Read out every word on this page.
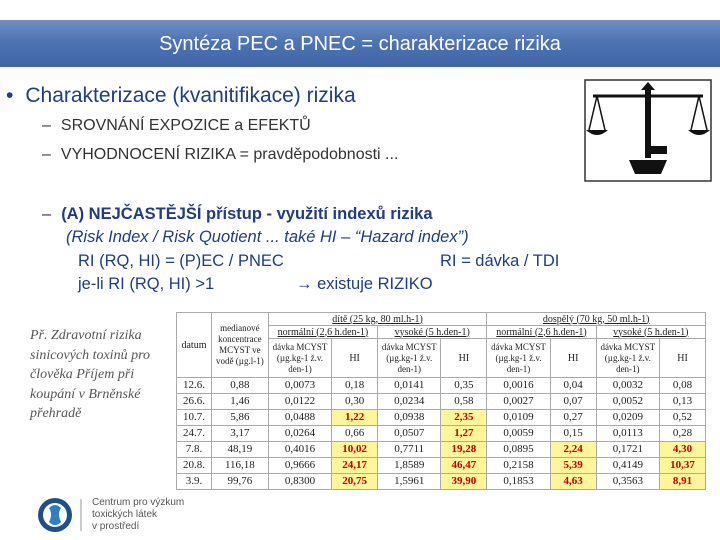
Syntéza PEC a PNEC = charakterizace rizika
• Charakterizace (kvanitifikace) rizika
– SROVNÁNÍ EXPOZICE a EFEKTŮ
– VYHODNOCENÍ RIZIKA = pravděpodobnosti ...
– (A) NEJČASTĚJŠÍ přístup - využití indexů rizika
(Risk Index / Risk Quotient ... také HI – “Hazard index”)
RI (RQ, HI) = (P)EC / PNEC	RI = dávka / TDI
je-li RI (RQ, HI) >1	→ existuje RIZIKO
Př. Zdravotní rizika sinicových toxinů pro člověka Příjem při koupání v Brněnské přehradě
datum	medianové koncentrace MCYST ve vodě (µg.l-1)	dítě (25 kg, 80 ml.h-1)				dospělý (70 kg, 50 ml.h-1)			
		normální (2,6 h.den-1)		vysoké (5 h.den-1)		normální (2,6 h.den-1)		vysoké (5 h.den-1)	
		dávka MCYST (µg.kg-1 ž.v. den-1)	HI	dávka MCYST (µg.kg-1 ž.v. den-1)	HI	dávka MCYST (µg.kg-1 ž.v. den-1)	HI	dávka MCYST (µg.kg-1 ž.v. den-1)	HI
12.6.	0,88	0,0073	0,18	0,0141	0,35	0,0016	0,04	0,0032	0,08
26.6.	1,46	0,0122	0,30	0,0234	0,58	0,0027	0,07	0,0052	0,13
10.7.	5,86	0,0488	1,22	0,0938	2,35	0,0109	0,27	0,0209	0,52
24.7.	3,17	0,0264	0,66	0,0507	1,27	0,0059	0,15	0,0113	0,28
7.8.	48,19	0,4016	10,02	0,7711	19,28	0,0895	2,24	0,1721	4,30
20.8.	116,18	0,9666	24,17	1,8589	46,47	0,2158	5,39	0,4149	10,37
3.9.	99,76	0,8300	20,75	1,5961	39,90	0,1853	4,63	0,3563	8,91
Centrum pro výzkum
toxických látek
v prostředí
